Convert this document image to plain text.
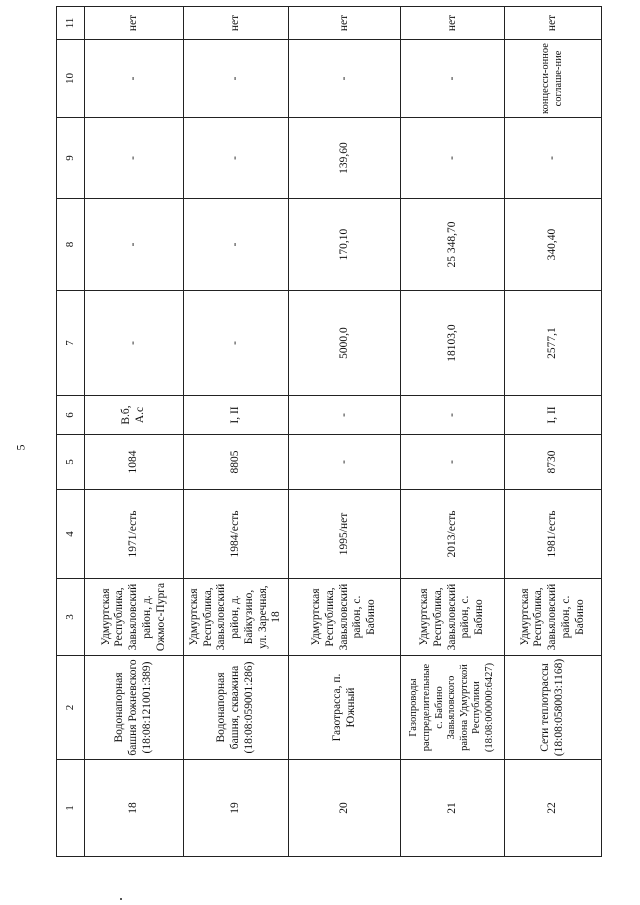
5
1
2
3
4
5
6
7
8
9
10
11
18
Водонапорная башня Рожневского (18:08:121001:389)
Удмуртская Республика, Завьяловский район, д. Ожмос-Пурга
1971/есть
1084
В.б, А.с
-
-
-
-
нет
19
Водонапорная башня, скважина (18:08:059001:286)
Удмуртская Республика, Завьяловский район, д. Байкузино, ул. Заречная, 18
1984/есть
8805
I, II
-
-
-
-
нет
20
Газотрасса, п. Южный
Удмуртская Республика, Завьяловский район, с. Бабино
1995/нет
-
-
5000,0
170,10
139,60
-
нет
21
Газопроводы распределительные с. Бабино Завьяловского района Удмуртской Республики (18:08:000000:6427)
Удмуртская Республика, Завьяловский район, с. Бабино
2013/есть
-
-
18103,0
25 348,70
-
-
нет
22
Сети теплотрассы (18:08:058003:1168)
Удмуртская Республика, Завьяловский район, с. Бабино
1981/есть
8730
I, II
2577,1
340,40
-
концесси-онное соглаше-ние
нет
